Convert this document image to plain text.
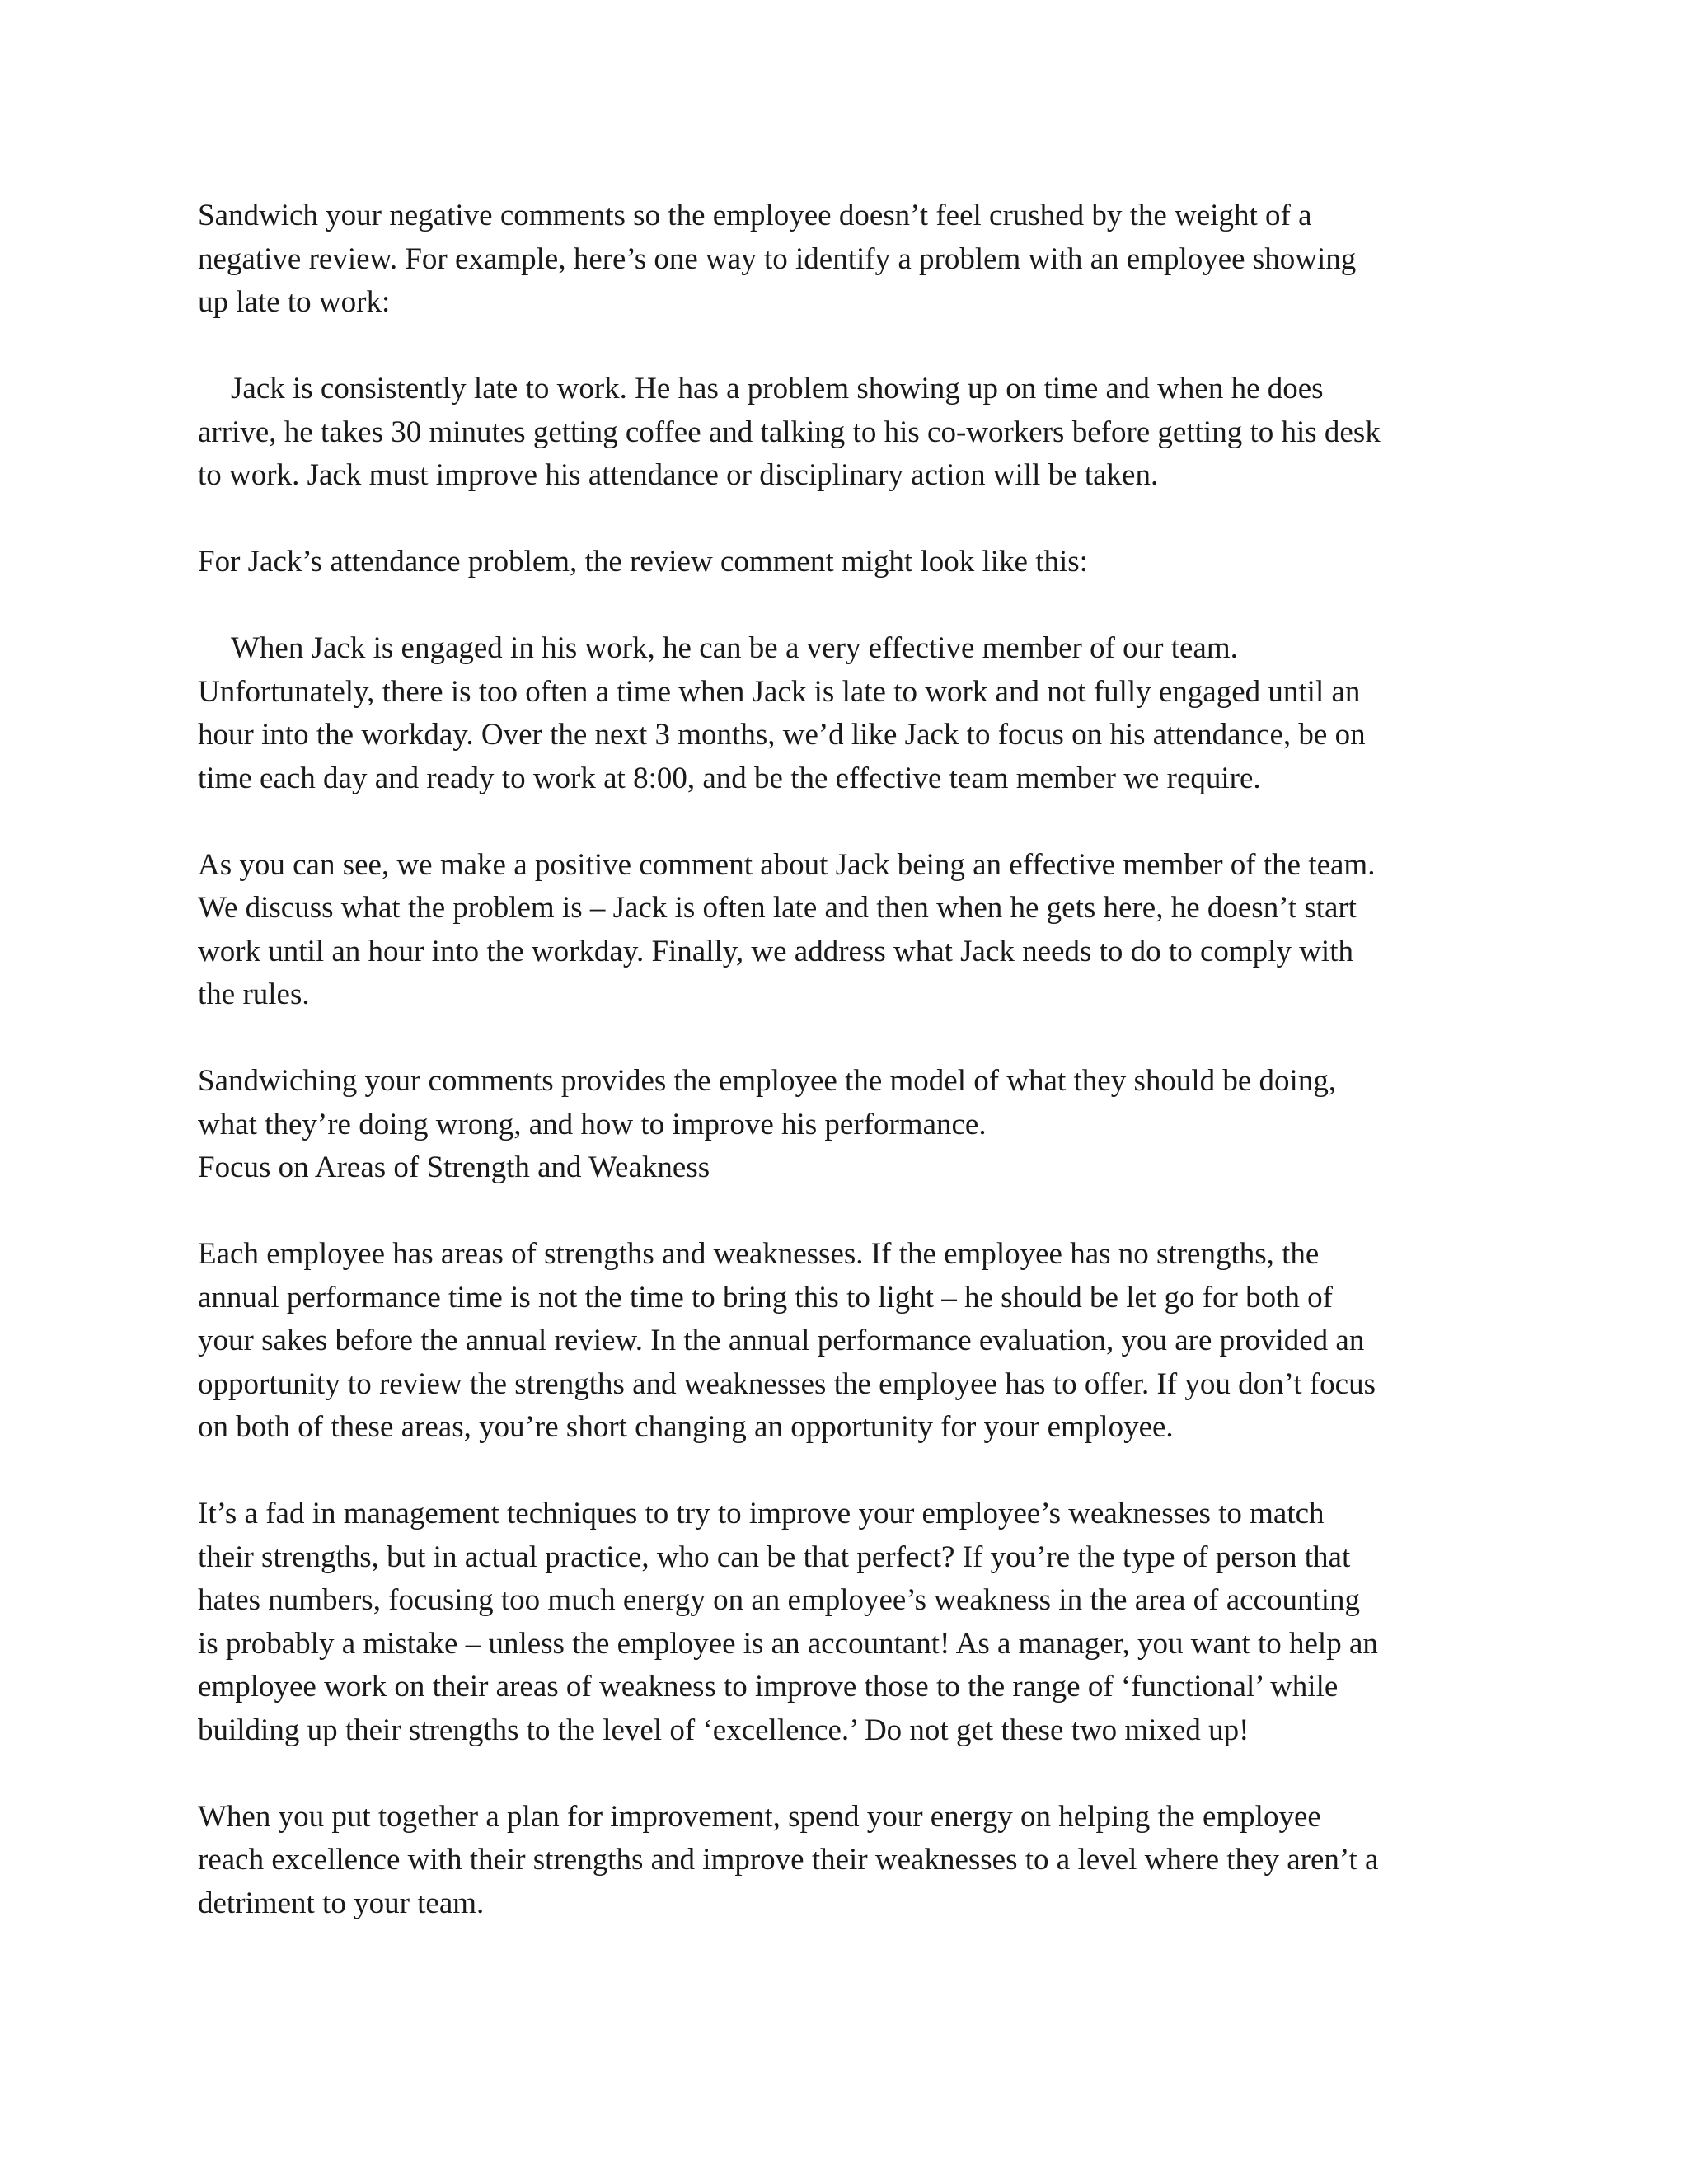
Sandwich your negative comments so the employee doesn’t feel crushed by the weight of a
negative review. For example, here’s one way to identify a problem with an employee showing
up late to work:
Jack is consistently late to work. He has a problem showing up on time and when he does
arrive, he takes 30 minutes getting coffee and talking to his co-workers before getting to his desk
to work. Jack must improve his attendance or disciplinary action will be taken.
For Jack’s attendance problem, the review comment might look like this:
When Jack is engaged in his work, he can be a very effective member of our team.
Unfortunately, there is too often a time when Jack is late to work and not fully engaged until an
hour into the workday. Over the next 3 months, we’d like Jack to focus on his attendance, be on
time each day and ready to work at 8:00, and be the effective team member we require.
As you can see, we make a positive comment about Jack being an effective member of the team.
We discuss what the problem is – Jack is often late and then when he gets here, he doesn’t start
work until an hour into the workday. Finally, we address what Jack needs to do to comply with
the rules.
Sandwiching your comments provides the employee the model of what they should be doing,
what they’re doing wrong, and how to improve his performance.
Focus on Areas of Strength and Weakness
Each employee has areas of strengths and weaknesses. If the employee has no strengths, the
annual performance time is not the time to bring this to light – he should be let go for both of
your sakes before the annual review. In the annual performance evaluation, you are provided an
opportunity to review the strengths and weaknesses the employee has to offer. If you don’t focus
on both of these areas, you’re short changing an opportunity for your employee.
It’s a fad in management techniques to try to improve your employee’s weaknesses to match
their strengths, but in actual practice, who can be that perfect? If you’re the type of person that
hates numbers, focusing too much energy on an employee’s weakness in the area of accounting
is probably a mistake – unless the employee is an accountant! As a manager, you want to help an
employee work on their areas of weakness to improve those to the range of ‘functional’ while
building up their strengths to the level of ‘excellence.’ Do not get these two mixed up!
When you put together a plan for improvement, spend your energy on helping the employee
reach excellence with their strengths and improve their weaknesses to a level where they aren’t a
detriment to your team.
